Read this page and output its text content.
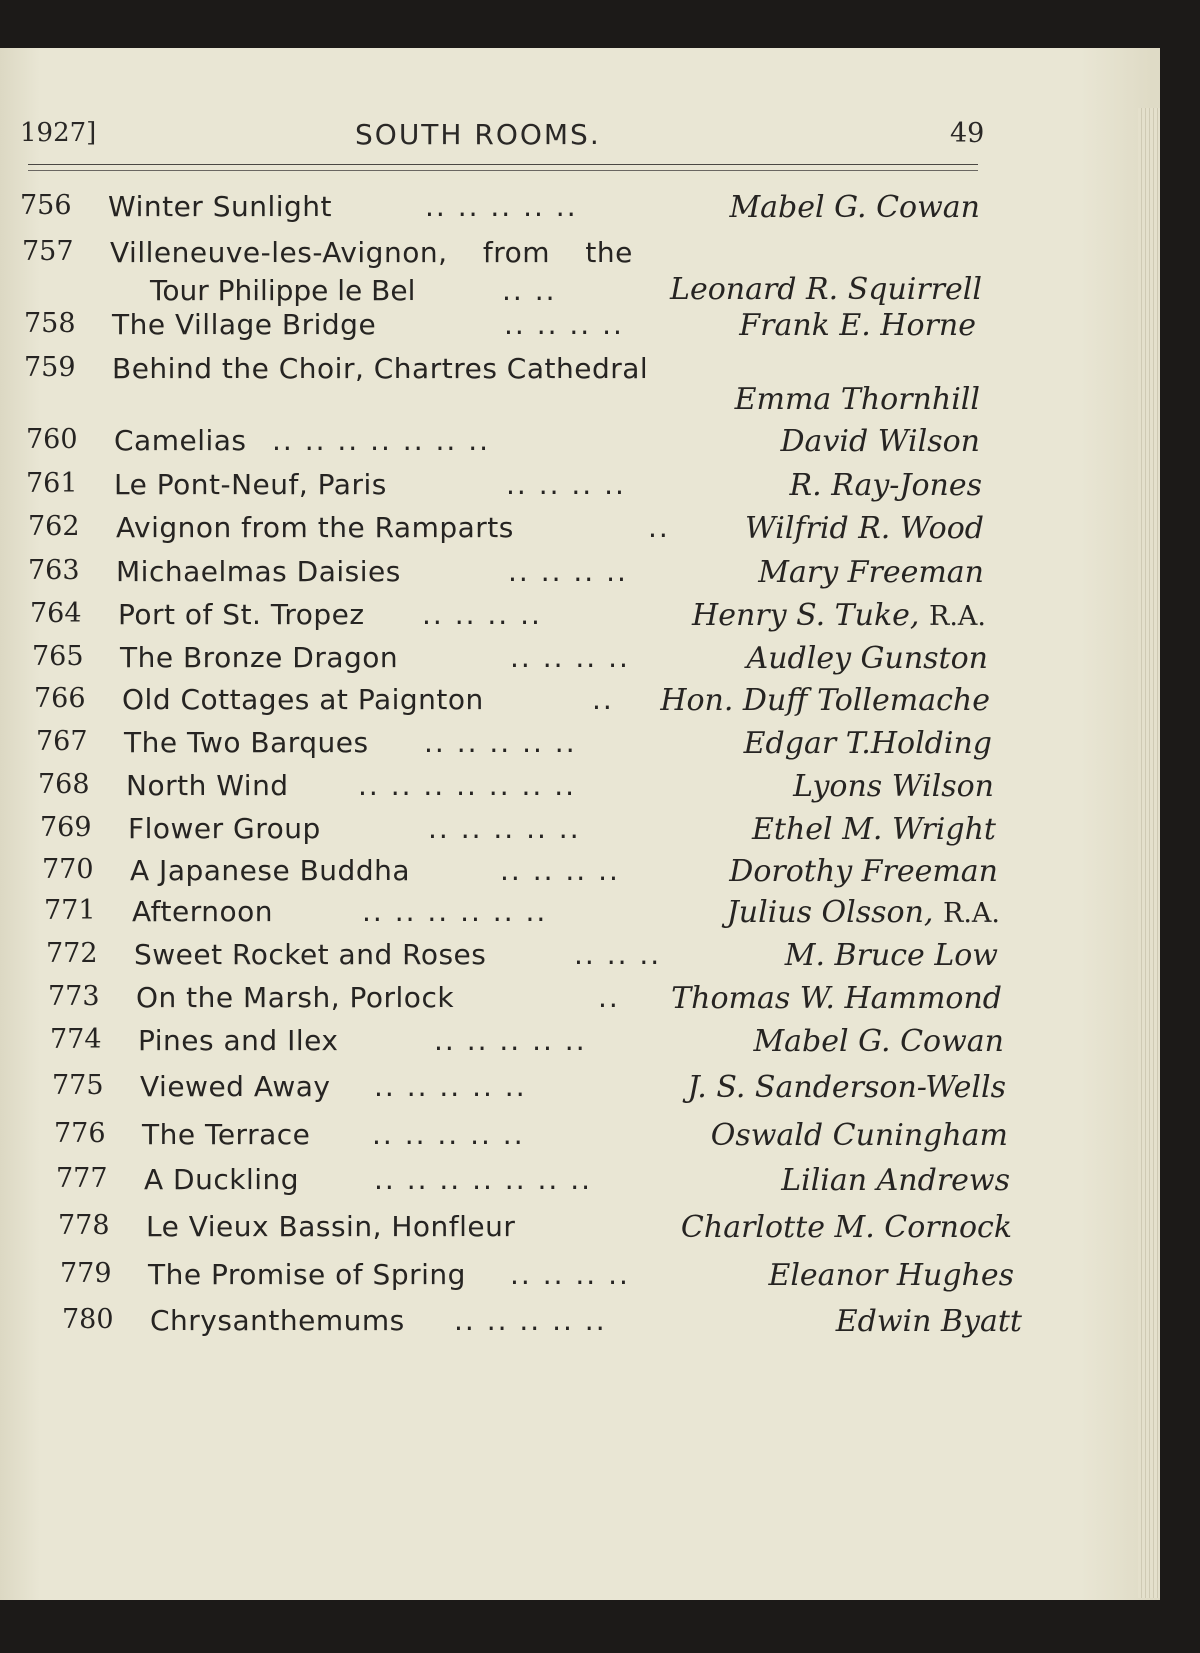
1927]	SOUTH ROOMS.	49
756 Winter Sunlight	.. .. .. .. ..	Mabel G. Cowan
757 Villeneuve-les-Avignon, from the
Tour Philippe le Bel	.. ..	Leonard R. Squirrell
758 The Village Bridge	.. .. .. ..	Frank E. Horne
759 Behind the Choir, Chartres Cathedral
Emma Thornhill
760 Camelias .. .. .. .. .. .. ..	David Wilson
761 Le Pont-Neuf, Paris	.. .. .. ..	R. Ray-Jones
762 Avignon from the Ramparts	..	Wilfrid R. Wood
763 Michaelmas Daisies	.. .. .. ..	Mary Freeman
764 Port of St. Tropez .. .. .. ..	Henry S. Tuke, R.A.
765 The Bronze Dragon	.. .. .. ..	Audley Gunston
766 Old Cottages at Paignton	.. Hon. Duff Tollemache
767 The Two Barques .. .. .. .. ..	Edgar T.Holding
768 North Wind .. .. .. .. .. .. ..	Lyons Wilson
769 Flower Group	.. .. .. .. ..	Ethel M. Wright
770 A Japanese Buddha	.. .. .. ..	Dorothy Freeman
771 Afternoon	.. .. .. .. .. ..	Julius Olsson, R.A.
772 Sweet Rocket and Roses	.. .. ..	M. Bruce Low
773 On the Marsh, Porlock	.. Thomas W. Hammond
774 Pines and Ilex	.. .. .. .. ..	Mabel G. Cowan
775 Viewed Away .. .. .. .. ..	J. S. Sanderson-Wells
776 The Terrace .. .. .. .. ..	Oswald Cuningham
777 A Duckling	.. .. .. .. .. .. ..	Lilian Andrews
778 Le Vieux Bassin, Honfleur	Charlotte M. Cornock
779 The Promise of Spring .. .. .. ..	Eleanor Hughes
780 Chrysanthemums .. .. .. .. ..	Edwin Byatt
